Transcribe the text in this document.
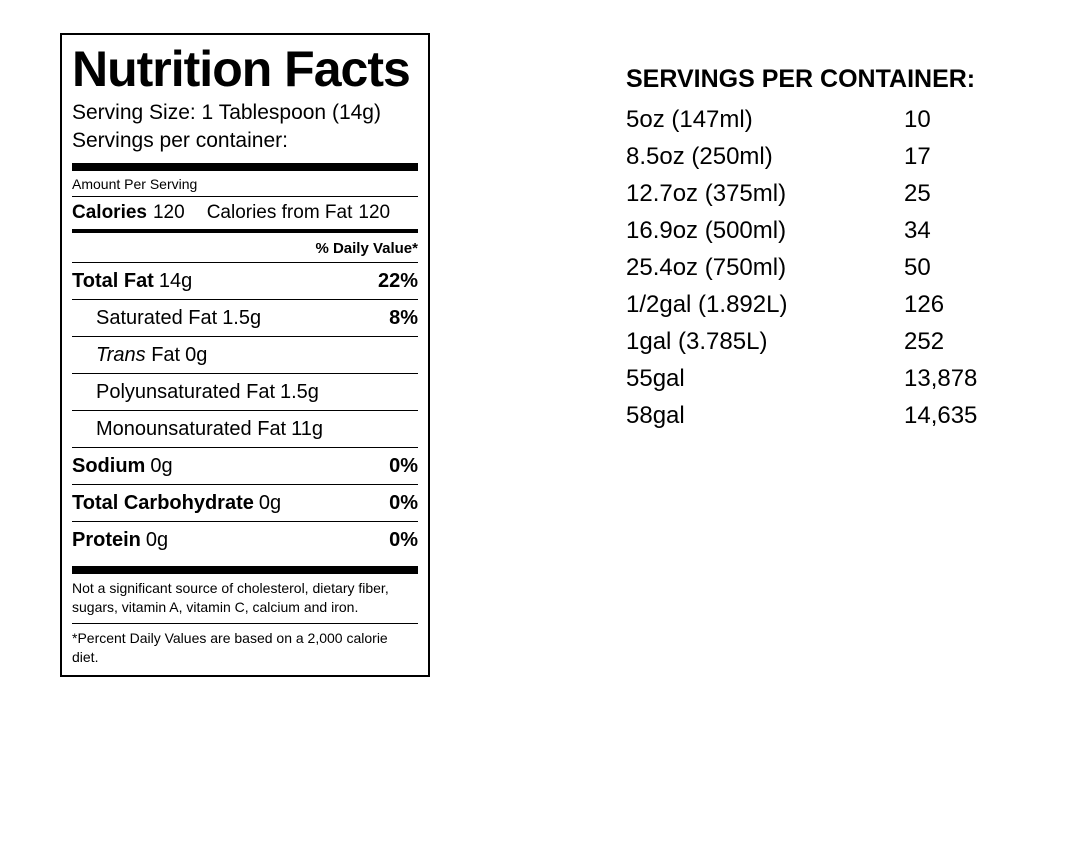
Nutrition Facts
Serving Size: 1 Tablespoon (14g)
Servings per container:
Amount Per Serving
Calories 120 Calories from Fat 120
% Daily Value*
Total Fat 14g	22%
Saturated Fat 1.5g	8%
Trans Fat 0g
Polyunsaturated Fat 1.5g
Monounsaturated Fat 11g
Sodium 0g	0%
Total Carbohydrate 0g	0%
Protein 0g	0%
Not a significant source of cholesterol, dietary fiber, sugars, vitamin A, vitamin C, calcium and iron.
*Percent Daily Values are based on a 2,000 calorie diet.
SERVINGS PER CONTAINER:
5oz (147ml)	10
8.5oz (250ml)	17
12.7oz (375ml)	25
16.9oz (500ml)	34
25.4oz (750ml)	50
1/2gal (1.892L)	126
1gal (3.785L)	252
55gal	13,878
58gal	14,635
